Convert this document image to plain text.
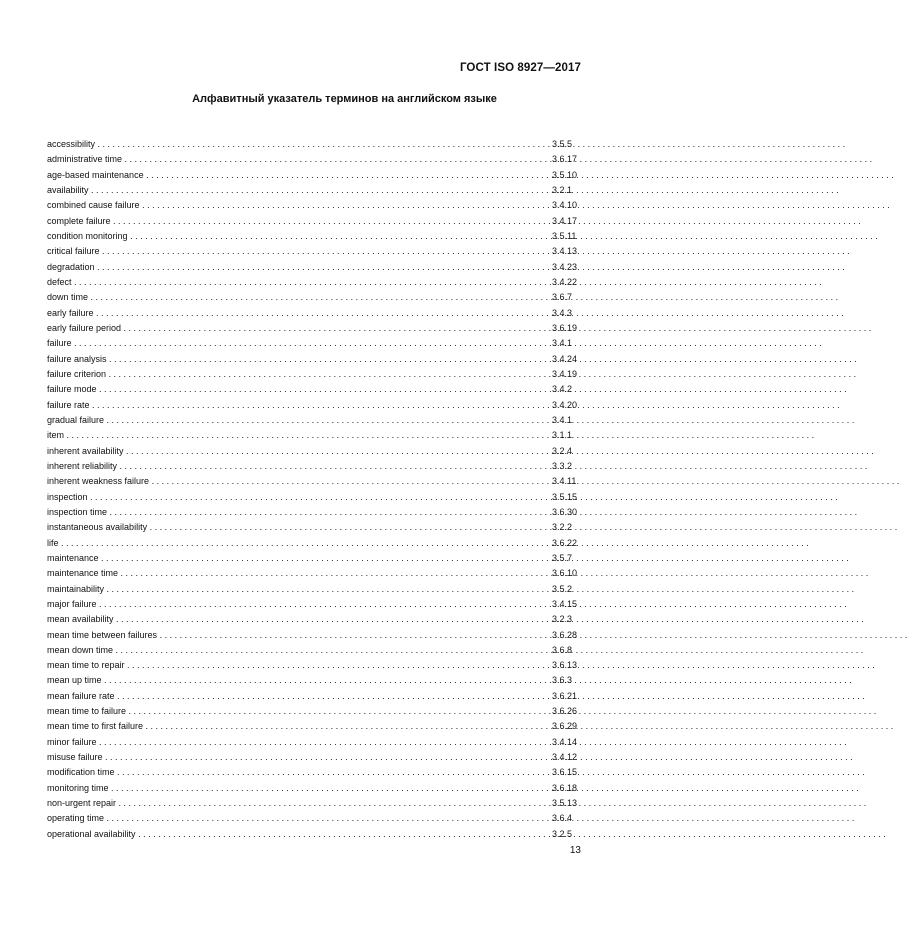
ГОСТ ISO 8927—2017
Алфавитный указатель терминов на английском языке
accessibility . . .	3.5.5
administrative time . . .	3.6.17
age-based maintenance . . .	3.5.10
availability . . .	3.2.1
combined cause failure . . .	3.4.10
complete failure . . .	3.4.17
condition monitoring . . .	3.5.11
critical failure . . .	3.4.13
degradation . . .	3.4.23
defect . . .	3.4.22
down time . . .	3.6.7
early failure . . .	3.4.3
early failure period . . .	3.6.19
failure . . .	3.4.1
failure analysis . . .	3.4.24
failure criterion . . .	3.4.19
failure mode . . .	3.4.2
failure rate . . .	3.4.20
gradual failure . . .	3.4.1
item . . .	3.1.1
inherent availability . . .	3.2.4
inherent reliability . . .	3.3.2
inherent weakness failure . . .	3.4.11
inspection . . .	3.5.15
inspection time . . .	3.6.30
instantaneous availability . . .	3.2.2
life . . .	3.6.22
maintenance . . .	3.5.7
maintenance time . . .	3.6.10
maintainability . . .	3.5.2
major failure . . .	3.4.15
mean availability . . .	3.2.3
mean time between failures . . .	3.6.28
mean down time . . .	3.6.8
mean time to repair . . .	3.6.13
mean up time . . .	3.6.3
mean failure rate . . .	3.6.21
mean time to failure . . .	3.6.26
mean time to first failure . . .	3.6.29
minor failure . . .	3.4.14
misuse failure . . .	3.4.12
modification time . . .	3.6.15
monitoring time . . .	3.6.18
non-urgent repair . . .	3.5.13
operating time . . .	3.6.4
operational availability . . .	3.2.5
13
